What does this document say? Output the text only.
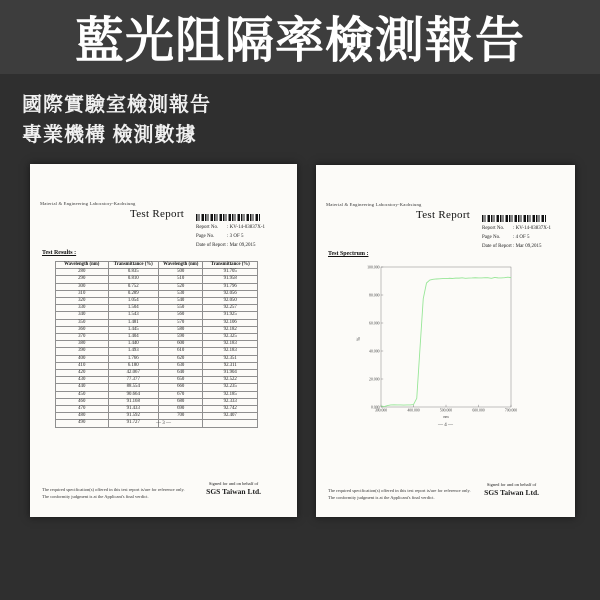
藍光阻隔率檢測報告
國際實驗室檢測報告
專業機構 檢測數據
Material & Engineering Laboratory-Kaohsiung
Test Report
Report No.	: KV-14-03837X-1
Page No.	: 3 OF 5
Date of Report : Mar 09,2015
Test Results :
Wavelength (nm)	Transmittance (%)	Wavelength (nm)	Transmittance (%)
280	0.835	500	91.705
290	0.810	510	91.958
300	0.752	520	91.796
310	0.289	530	92.056
320	1.054	540	92.050
330	1.504	550	92.257
340	1.543	560	91.925
350	1.481	570	92.106
360	1.445	580	92.182
370	1.404	590	92.325
380	1.440	600	92.183
390	1.493	610	92.183
400	1.766	620	92.351
410	6.180	630	92.311
420	42.067	640	91.904
430	77.377	650	92.522
440	88.554	660	92.235
450	90.664	670	92.185
460	91.168	680	92.333
470	91.433	690	92.742
480	91.592	700	92.407
490	91.727			— 3 —
The required specification(s) offered in this test report is/are for reference only.
The conformity judgment is at the Applicant's final verdict.
Signed for and on behalf of
SGS Taiwan Ltd.
Material & Engineering Laboratory-Kaohsiung
Test Report
Report No.	: KV-14-03837X-1
Page No.	: 4 OF 5
Date of Report : Mar 09,2015
Test Spectrum :
100.000
80.000
60.000
40.000
20.000
0.000
300.000	400.000	500.000	600.000	700.000
%
nm
— 4 —
The required specification(s) offered in this test report is/are for reference only.
The conformity judgment is at the Applicant's final verdict.
Signed for and on behalf of
SGS Taiwan Ltd.
